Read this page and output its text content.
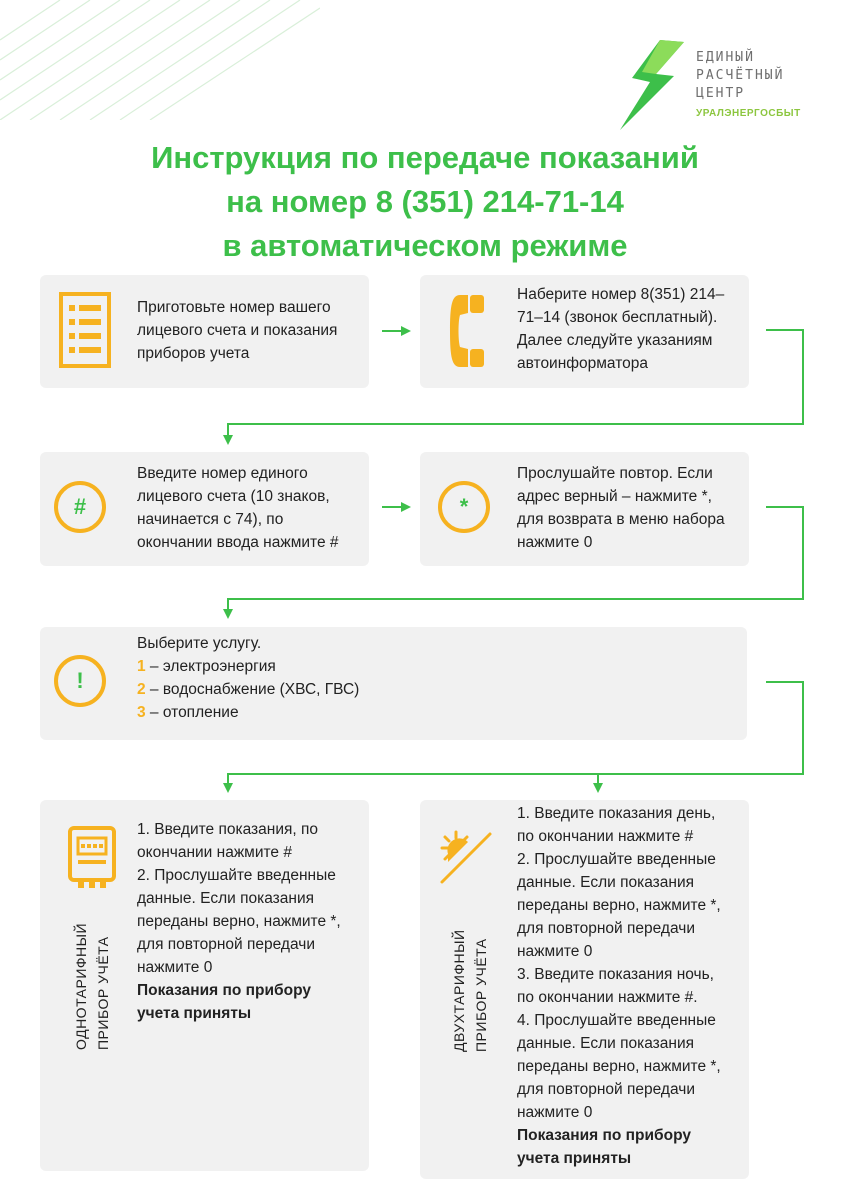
ЕДИНЫЙ
РАСЧЁТНЫЙ
ЦЕНТР
УРАЛЭНЕРГОСБЫТ
Инструкция по передаче показаний
на номер 8 (351) 214-71-14
в автоматическом режиме
Приготовьте номер вашего
лицевого счета и показания
приборов учета
Наберите номер 8(351) 214–
71–14 (звонок бесплатный).
Далее следуйте указаниям
автоинформатора
#
Введите номер единого
лицевого счета (10 знаков,
начинается с 74), по
окончании ввода нажмите #
*
Прослушайте повтор. Если
адрес верный – нажмите *,
для возврата в меню набора
нажмите 0
!
Выберите услугу.
1 – электроэнергия
2 – водоснабжение (ХВС, ГВС)
3 – отопление
ОДНОТАРИФНЫЙ ПРИБОР УЧЁТА
1. Введите показания, по
окончании нажмите #
2. Прослушайте введенные
данные. Если показания
переданы верно, нажмите *,
для повторной передачи
нажмите 0
Показания по прибору
учета приняты	ДВУХТАРИФНЫЙ ПРИБОР УЧЁТА
1. Введите показания день,
по окончании нажмите #
2. Прослушайте введенные
данные. Если показания
переданы верно, нажмите *,
для повторной передачи
нажмите 0
3. Введите показания ночь,
по окончании нажмите #.
4. Прослушайте введенные
данные. Если показания
переданы верно, нажмите *,
для повторной передачи
нажмите 0
Показания по прибору
учета приняты
